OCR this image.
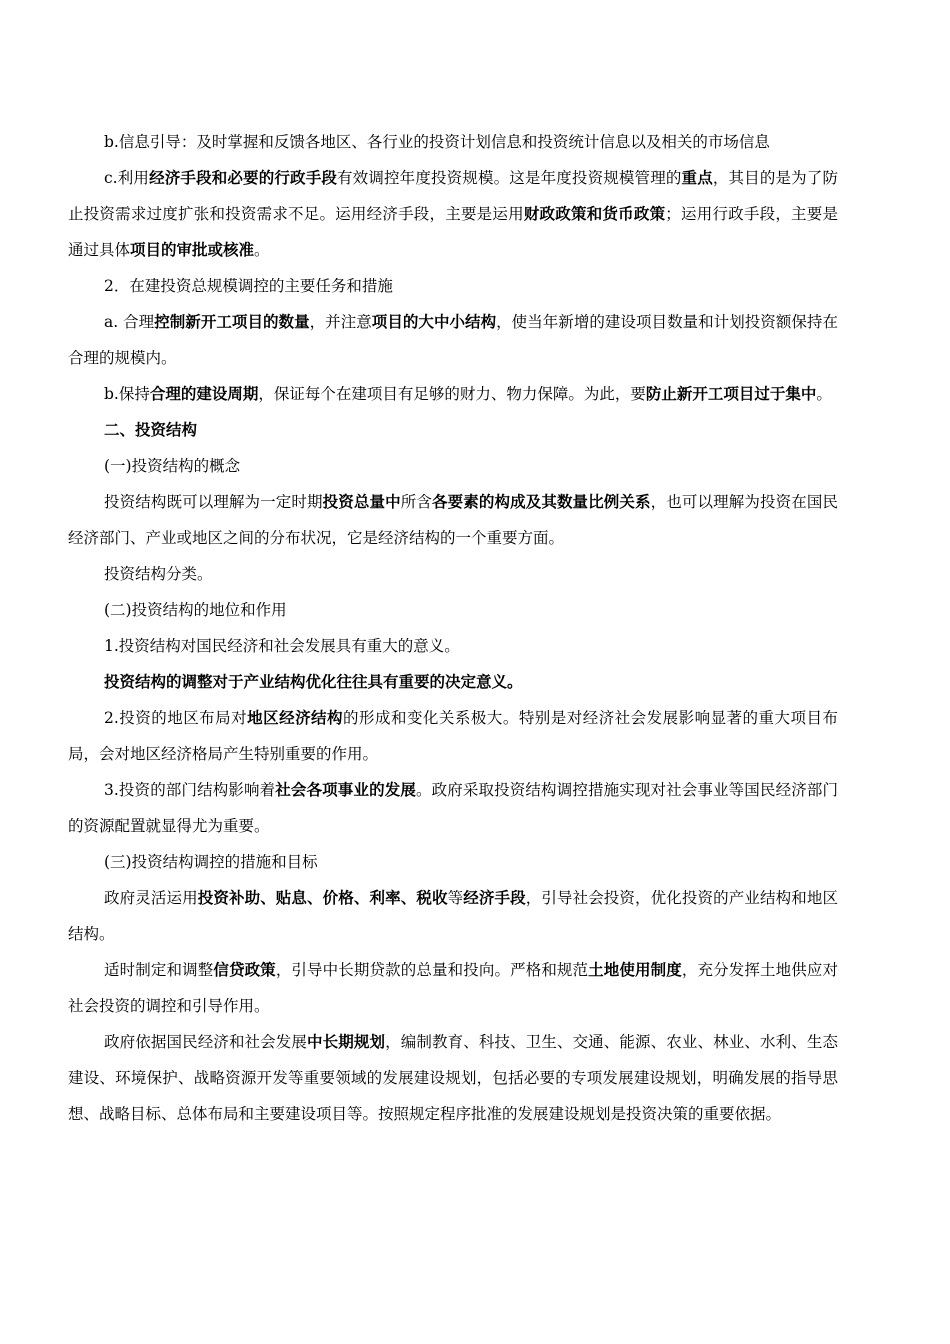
b.信息引导：及时掌握和反馈各地区、各行业的投资计划信息和投资统计信息以及相关的市场信息

c.利用经济手段和必要的行政手段有效调控年度投资规模。这是年度投资规模管理的重点，其目的是为了防止投资需求过度扩张和投资需求不足。运用经济手段，主要是运用财政政策和货币政策；运用行政手段，主要是通过具体项目的审批或核准。

2．在建投资总规模调控的主要任务和措施

a. 合理控制新开工项目的数量，并注意项目的大中小结构，使当年新增的建设项目数量和计划投资额保持在合理的规模内。

b.保持合理的建设周期，保证每个在建项目有足够的财力、物力保障。为此，要防止新开工项目过于集中。

二、投资结构

(一)投资结构的概念

投资结构既可以理解为一定时期投资总量中所含各要素的构成及其数量比例关系，也可以理解为投资在国民经济部门、产业或地区之间的分布状况，它是经济结构的一个重要方面。

投资结构分类。

(二)投资结构的地位和作用

1.投资结构对国民经济和社会发展具有重大的意义。

投资结构的调整对于产业结构优化往往具有重要的决定意义。

2.投资的地区布局对地区经济结构的形成和变化关系极大。特别是对经济社会发展影响显著的重大项目布局，会对地区经济格局产生特别重要的作用。

3.投资的部门结构影响着社会各项事业的发展。政府采取投资结构调控措施实现对社会事业等国民经济部门的资源配置就显得尤为重要。

(三)投资结构调控的措施和目标

政府灵活运用投资补助、贴息、价格、利率、税收等经济手段，引导社会投资，优化投资的产业结构和地区结构。

适时制定和调整信贷政策，引导中长期贷款的总量和投向。严格和规范土地使用制度，充分发挥土地供应对社会投资的调控和引导作用。

政府依据国民经济和社会发展中长期规划，编制教育、科技、卫生、交通、能源、农业、林业、水利、生态建设、环境保护、战略资源开发等重要领域的发展建设规划，包括必要的专项发展建设规划，明确发展的指导思想、战略目标、总体布局和主要建设项目等。按照规定程序批准的发展建设规划是投资决策的重要依据。
